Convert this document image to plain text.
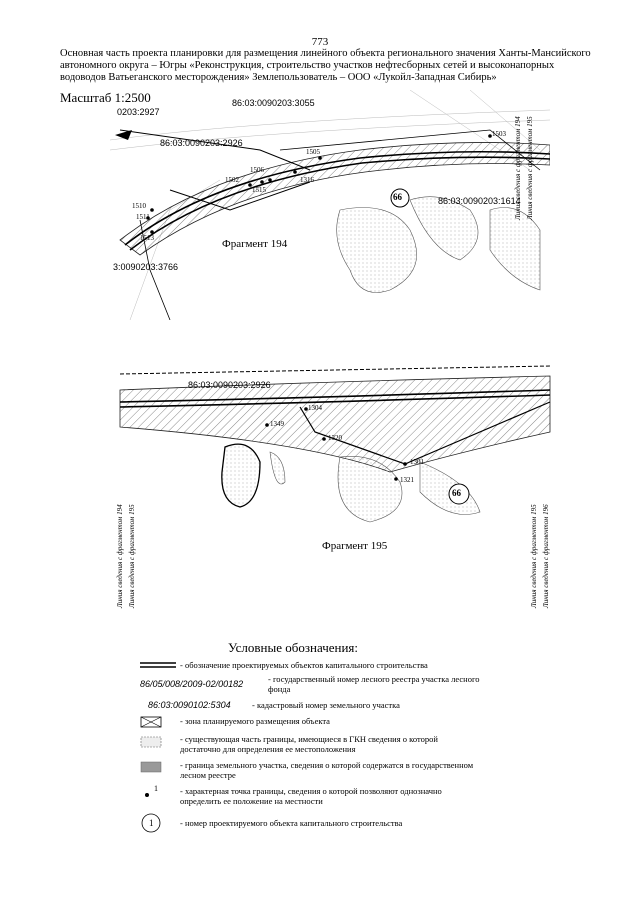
773
Основная часть проекта планировки для размещения линейного объекта регионального значения Ханты-Мансийского автономного округа – Югры «Реконструкция, строительство участков нефтесборных сетей и высоконапорных водоводов Ватьеганского месторождения» Землепользователь – ООО «Лукойл-Западная Сибирь»
Масштаб 1:2500
0203:2927
86:03:0090203:3055
86:03:0090203:2926
86:03:0090203:1614
3:0090203:3766
1505
1502
1506
1515
1316
1503
1510
1511
1513
66
Фрагмент 194
Линия сведения с фрагментом 194 Линия сведения с фрагментом 195
86:03:0090203:2926
1349
1304
1320
1301
1321
66
Фрагмент 195
Линия сведения с фрагментом 194 Линия сведения с фрагментом 195	Линия сведения с фрагментом 195 Линия сведения с фрагментом 196
Условные обозначения:
- обозначение проектируемых объектов капитального строительства
86/05/008/2009-02/00182	- государственный номер лесного реестра участка лесного фонда
86:03:0090102:5304	- кадастровый номер земельного участка
- зона планируемого размещения объекта
- существующая часть границы, имеющиеся в ГКН сведения о которой достаточно для определения ее местоположения
- граница земельного участка, сведения о которой содержатся в государственном лесном реестре
1	- характерная точка границы, сведения о которой позволяют однозначно определить ее положение на местности
1	- номер проектируемого объекта капитального строительства
